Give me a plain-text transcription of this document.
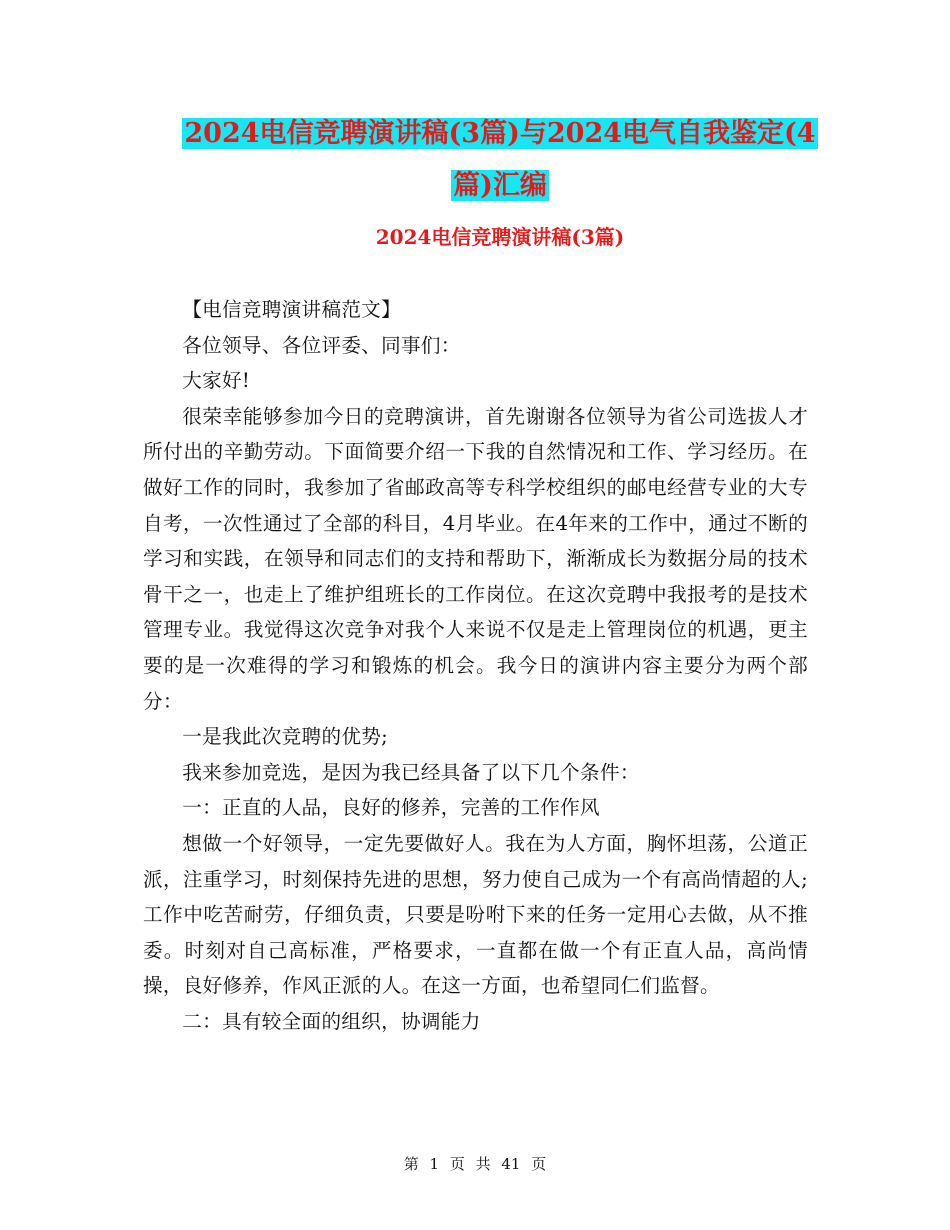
2024电信竞聘演讲稿(3篇)与2024电气自我鉴定(4
篇)汇编
2024电信竞聘演讲稿(3篇)

【电信竞聘演讲稿范文】

各位领导、各位评委、同事们：

大家好!

很荣幸能够参加今日的竞聘演讲，首先谢谢各位领导为省公司选拔人才所付出的辛勤劳动。下面简要介绍一下我的自然情况和工作、学习经历。在做好工作的同时，我参加了省邮政高等专科学校组织的邮电经营专业的大专自考，一次性通过了全部的科目，4月毕业。在4年来的工作中，通过不断的学习和实践，在领导和同志们的支持和帮助下，渐渐成长为数据分局的技术骨干之一，也走上了维护组班长的工作岗位。在这次竞聘中我报考的是技术管理专业。我觉得这次竞争对我个人来说不仅是走上管理岗位的机遇，更主要的是一次难得的学习和锻炼的机会。我今日的演讲内容主要分为两个部分：

一是我此次竞聘的优势;

我来参加竞选，是因为我已经具备了以下几个条件：

一：正直的人品，良好的修养，完善的工作作风

想做一个好领导，一定先要做好人。我在为人方面，胸怀坦荡，公道正派，注重学习，时刻保持先进的思想，努力使自己成为一个有高尚情超的人;工作中吃苦耐劳，仔细负责，只要是吩咐下来的任务一定用心去做，从不推委。时刻对自己高标准，严格要求，一直都在做一个有正直人品，高尚情操，良好修养，作风正派的人。在这一方面，也希望同仁们监督。

二：具有较全面的组织，协调能力

第 1 页 共 41 页
